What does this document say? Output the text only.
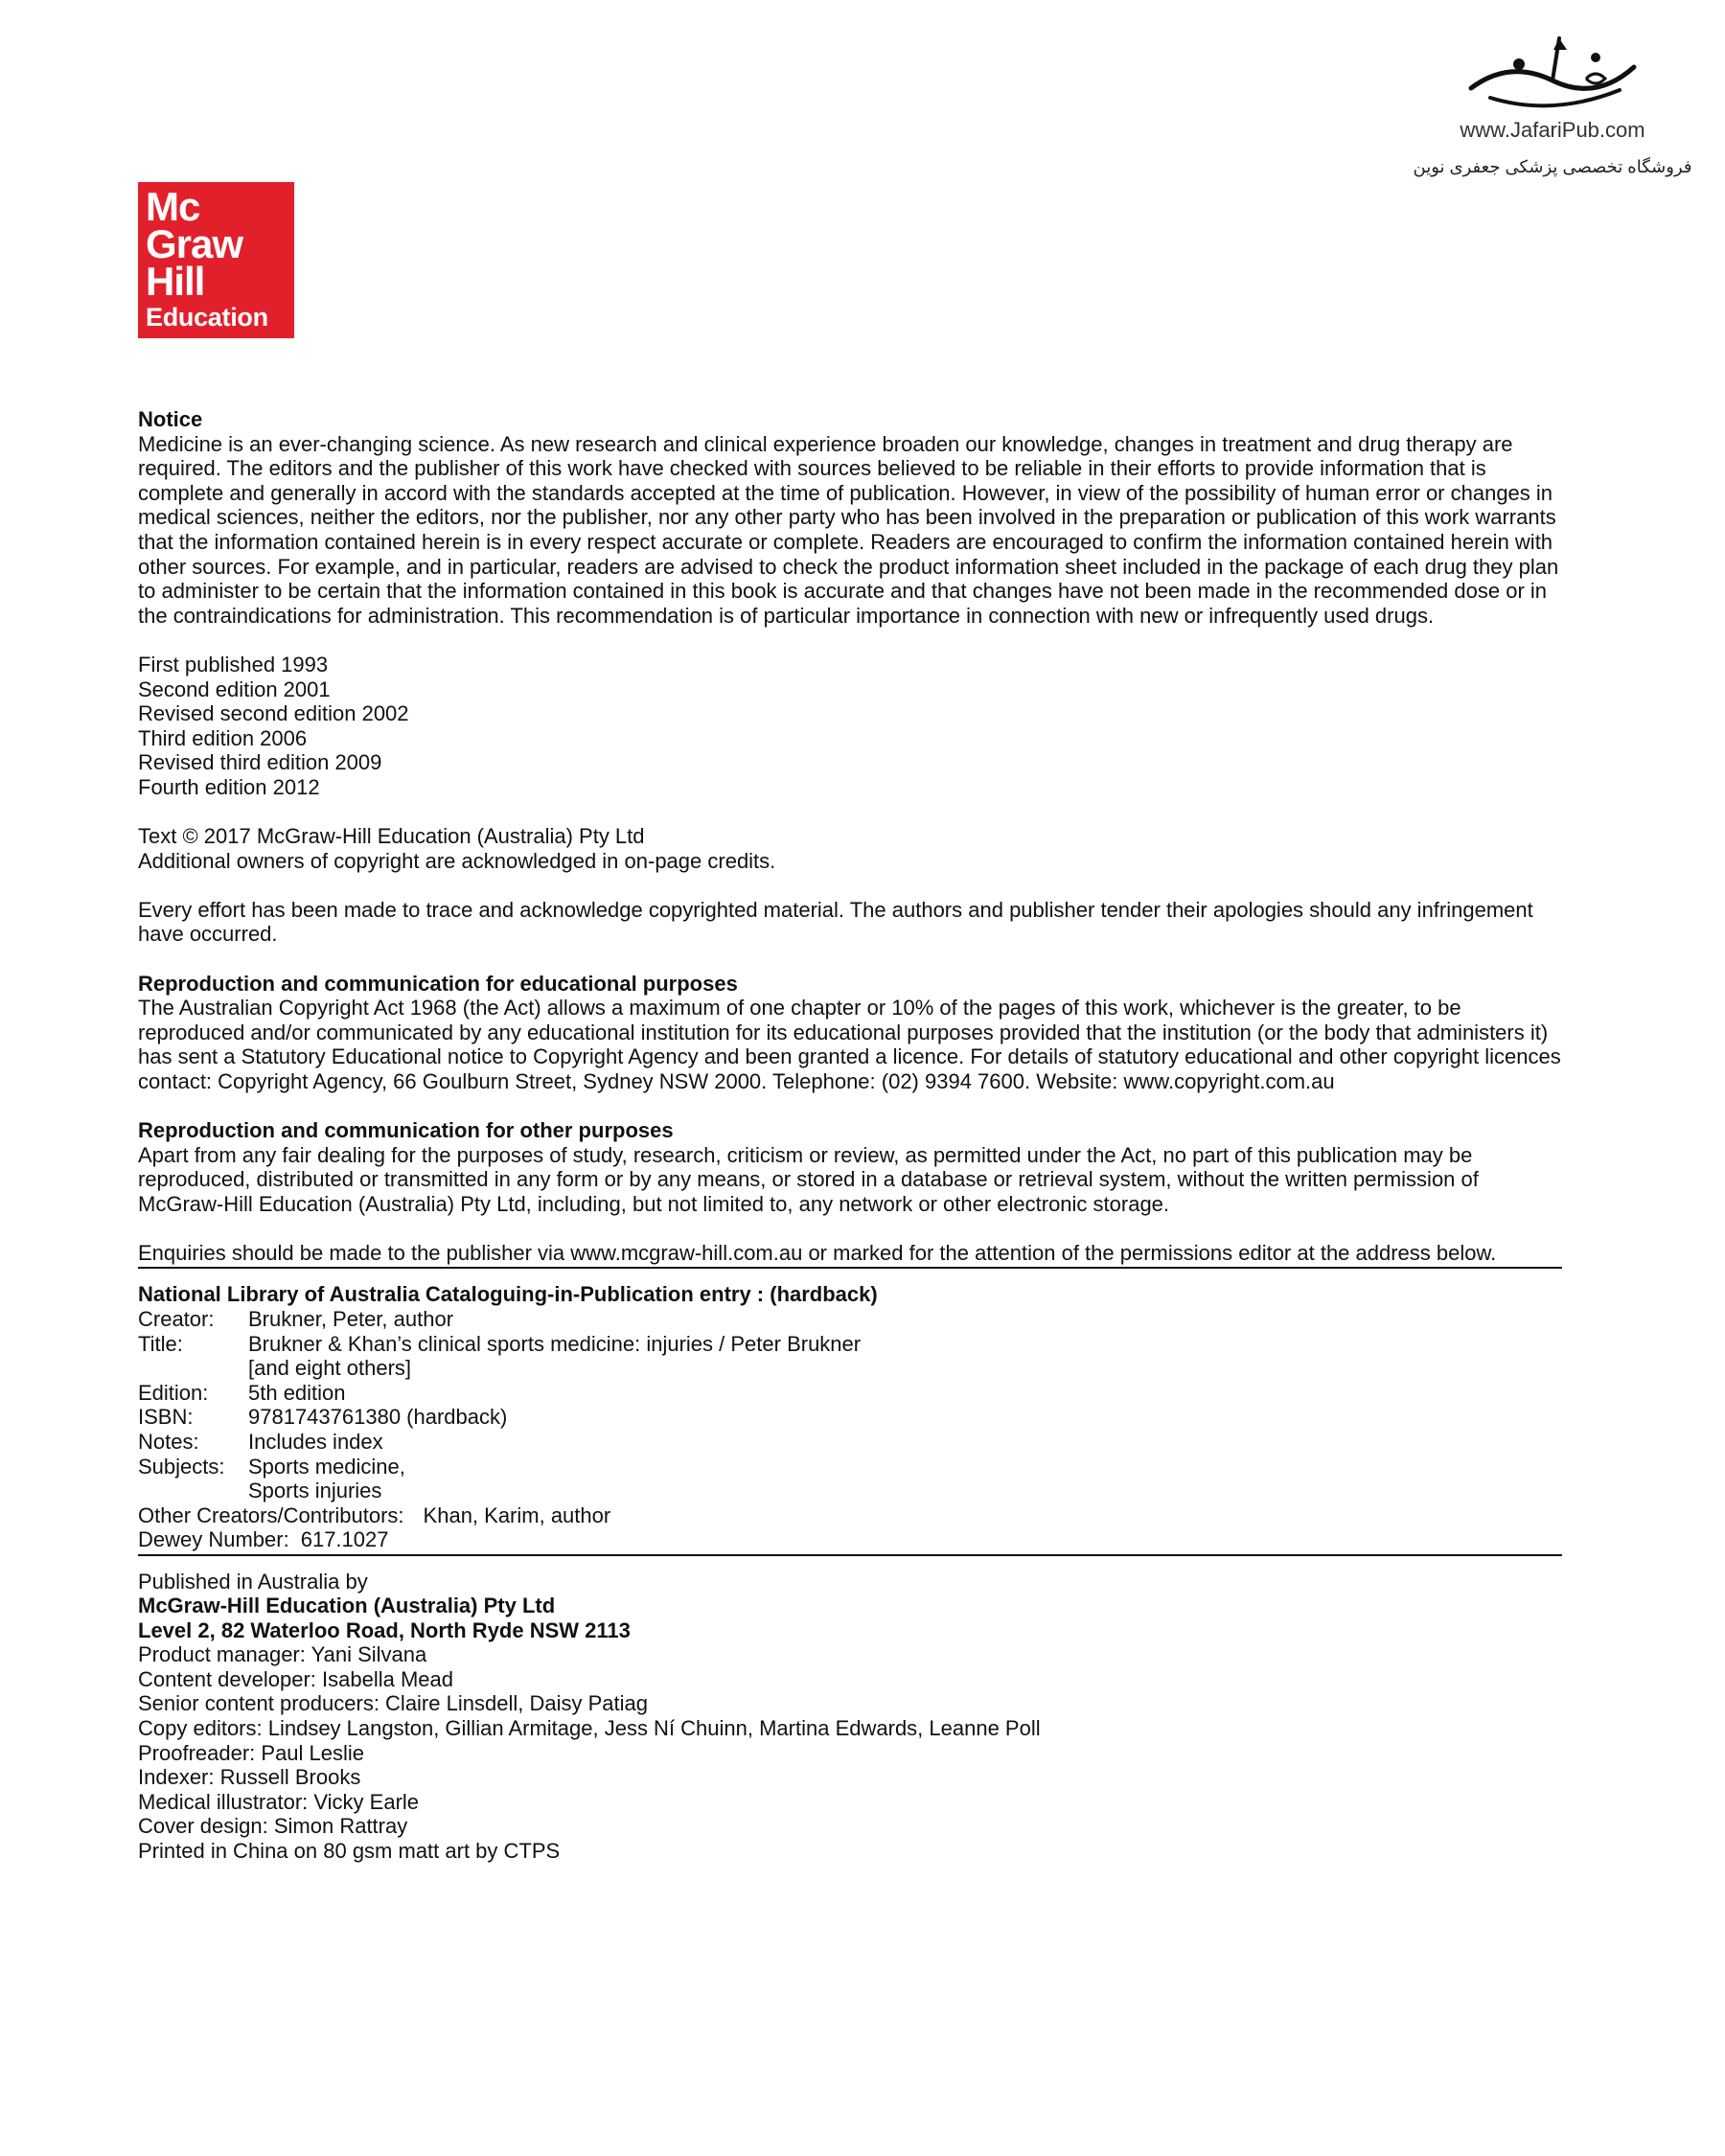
www.JafariPub.com
فروشگاه تخصصی پزشکی جعفری نوین
Mc
Graw
Hill
Education

Notice

Medicine is an ever-changing science. As new research and clinical experience broaden our knowledge, changes in treatment and drug therapy are required. The editors and the publisher of this work have checked with sources believed to be reliable in their efforts to provide information that is complete and generally in accord with the standards accepted at the time of publication. However, in view of the possibility of human error or changes in medical sciences, neither the editors, nor the publisher, nor any other party who has been involved in the preparation or publication of this work warrants that the information contained herein is in every respect accurate or complete. Readers are encouraged to confirm the information contained herein with other sources. For example, and in particular, readers are advised to check the product information sheet included in the package of each drug they plan to administer to be certain that the information contained in this book is accurate and that changes have not been made in the recommended dose or in the contraindications for administration. This recommendation is of particular importance in connection with new or infrequently used drugs.

First published 1993

Second edition 2001

Revised second edition 2002

Third edition 2006

Revised third edition 2009

Fourth edition 2012

Text © 2017 McGraw-Hill Education (Australia) Pty Ltd

Additional owners of copyright are acknowledged in on-page credits.

Every effort has been made to trace and acknowledge copyrighted material. The authors and publisher tender their apologies should any infringement have occurred.

Reproduction and communication for educational purposes

The Australian Copyright Act 1968 (the Act) allows a maximum of one chapter or 10% of the pages of this work, whichever is the greater, to be reproduced and/or communicated by any educational institution for its educational purposes provided that the institution (or the body that administers it) has sent a Statutory Educational notice to Copyright Agency and been granted a licence. For details of statutory educational and other copyright licences contact: Copyright Agency, 66 Goulburn Street, Sydney NSW 2000. Telephone: (02) 9394 7600. Website: www.copyright.com.au

Reproduction and communication for other purposes

Apart from any fair dealing for the purposes of study, research, criticism or review, as permitted under the Act, no part of this publication may be reproduced, distributed or transmitted in any form or by any means, or stored in a database or retrieval system, without the written permission of McGraw-Hill Education (Australia) Pty Ltd, including, but not limited to, any network or other electronic storage.

Enquiries should be made to the publisher via www.mcgraw-hill.com.au or marked for the attention of the permissions editor at the address below.

National Library of Australia Cataloguing-in-Publication entry : (hardback)

Creator:	Brukner, Peter, author
Title:	Brukner & Khan’s clinical sports medicine: injuries / Peter Brukner
[and eight others]
Edition:	5th edition
ISBN:	9781743761380 (hardback)
Notes:	Includes index
Subjects:	Sports medicine,
Sports injuries
Other Creators/Contributors: Khan, Karim, author
Dewey Number: 617.1027

Published in Australia by

McGraw-Hill Education (Australia) Pty Ltd

Level 2, 82 Waterloo Road, North Ryde NSW 2113

Product manager: Yani Silvana

Content developer: Isabella Mead

Senior content producers: Claire Linsdell, Daisy Patiag

Copy editors: Lindsey Langston, Gillian Armitage, Jess Ní Chuinn, Martina Edwards, Leanne Poll

Proofreader: Paul Leslie

Indexer: Russell Brooks

Medical illustrator: Vicky Earle

Cover design: Simon Rattray

Printed in China on 80 gsm matt art by CTPS
